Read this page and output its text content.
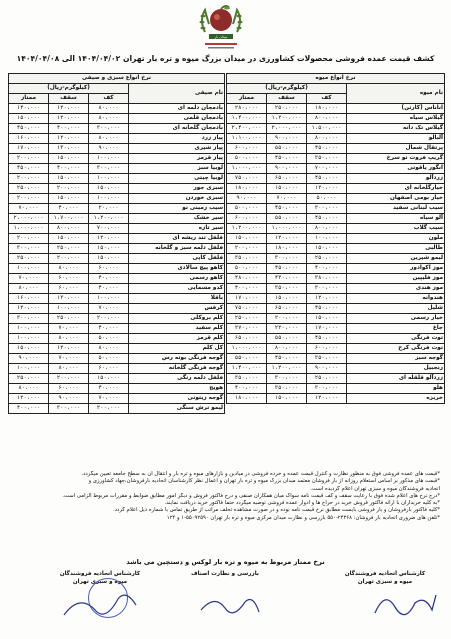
میدان بار
کشف قیمت عمده فروشی محصولات کشاورزی در میدان بزرگ میوه و تره بار تهران ۱۴۰۴/۰۴/۰۲ الی ۱۴۰۴/۰۴/۰۸
نرخ انواع میوه			
(کیلوگرم-ریال)			نام میوه
ممتاز	سقف	کف	
۲۸۰،۰۰۰	۲۵۰،۰۰۰	۱۸۰،۰۰۰	اناناس (کارتن)
۱،۴۰۰،۰۰۰	۱،۲۰۰،۰۰۰	۸۰۰،۰۰۰	گیلاس سیاه
۲،۴۰۰،۰۰۰	۲،۰۰۰،۰۰۰	۱،۵۰۰،۰۰۰	گیلاس تک دانه
۱،۱۰۰،۰۰۰	۹۰۰،۰۰۰	۸۰۰،۰۰۰	آلبالو
۶۰۰،۰۰۰	۵۵۰،۰۰۰	۴۵۰،۰۰۰	پرتقال شمال
۵۰۰،۰۰۰	۴۵۰،۰۰۰	۳۵۰،۰۰۰	گریپ فروت تو سرخ
۱،۰۰۰،۰۰۰	۹۰۰،۰۰۰	۷۰۰،۰۰۰	انگور یاقوتی
۷۵۰،۰۰۰	۶۵۰،۰۰۰	۴۵۰،۰۰۰	زردآلو
۱۸۰،۰۰۰	۱۵۰،۰۰۰	۱۲۰،۰۰۰	خیارگلخانه ای
۹۰،۰۰۰	۷۰،۰۰۰	۵۰،۰۰۰	خیار بومی اصفهان
۵۰۰،۰۰۰	۴۵۰،۰۰۰	۳۰۰،۰۰۰	سیب لبنانی سفید
۶۰۰،۰۰۰	۵۵۰،۰۰۰	۴۵۰،۰۰۰	آلو سیاه
۱،۲۰۰،۰۰۰	۱،۰۰۰،۰۰۰	۸۰۰،۰۰۰	سیب گلاب
۱۵۰،۰۰۰	۱۲۰،۰۰۰	۱۰۰،۰۰۰	ملون
۲۰۰،۰۰۰	۱۸۰،۰۰۰	۱۵۰،۰۰۰	طالبی
۳۵۰،۰۰۰	۳۰۰،۰۰۰	۲۵۰،۰۰۰	لیمو شیرین
۵۰۰،۰۰۰	۴۵۰،۰۰۰	۴۰۰،۰۰۰	موز اکوادور
۴۸۰،۰۰۰	۴۳۰،۰۰۰	۳۸۰،۰۰۰	موز فلیپین
۴۰۰،۰۰۰	۳۵۰،۰۰۰	۳۰۰،۰۰۰	موز هندی
۱۷۰،۰۰۰	۱۵۰،۰۰۰	۱۲۰،۰۰۰	هندوانه
۷۵۰،۰۰۰	۶۵۰،۰۰۰	۴۵۰،۰۰۰	شلیل
۲۵۰،۰۰۰	۲۰۰،۰۰۰	۱۵۰،۰۰۰	خیار رسمی
۲۷۰،۰۰۰	۲۲۰،۰۰۰	۱۷۰،۰۰۰	جاغ
۶۵۰،۰۰۰	۵۵۰،۰۰۰	۴۵۰،۰۰۰	توت فرنگی
۱،۰۰۰،۰۰۰	۸۰۰،۰۰۰	۶۰۰،۰۰۰	توت فرنگی کرج
۵۵۰،۰۰۰	۴۵۰،۰۰۰	۳۵۰،۰۰۰	گوجه سبز
۱،۴۰۰،۰۰۰	۱،۲۰۰،۰۰۰	۹۰۰،۰۰۰	زنجبیل
۳۵۰،۰۰۰	۳۰۰،۰۰۰	۲۵۰،۰۰۰	زردآلو قلقله ای
۴۰۰،۰۰۰	۳۵۰،۰۰۰	۳۰۰،۰۰۰	هلو
۱۸۰،۰۰۰	۱۵۰،۰۰۰	۱۲۰،۰۰۰	خربزه
نرخ انواع سبزی و صیفی			
(کیلوگرم-ریال)			نام صیفی
ممتاز	سقف	کف	
۱۴۰،۰۰۰	۱۲۰،۰۰۰	۸۰،۰۰۰	بادمجان دلمه ای
۱۵۰،۰۰۰	۱۲۰،۰۰۰	۸۰،۰۰۰	بادمجان قلمی
۴۵۰،۰۰۰	۴۰۰،۰۰۰	۳۰۰،۰۰۰	بادمجان گلخانه ای
۱۶۰،۰۰۰	۱۲۰،۰۰۰	۸۰،۰۰۰	پیاز زرد
۱۷۰،۰۰۰	۱۳۰،۰۰۰	۹۰،۰۰۰	پیاز شیری
۲۰۰،۰۰۰	۱۵۰،۰۰۰	۱۰۰،۰۰۰	پیاز قرمز
۴۵۰،۰۰۰	۴۰۰،۰۰۰	۳۰۰،۰۰۰	لوبیا سبز
۲۰۰،۰۰۰	۱۵۰،۰۰۰	۱۰۰،۰۰۰	لوبیا چیتی
۲۵۰،۰۰۰	۲۰۰،۰۰۰	۱۵۰،۰۰۰	سبزی جور
۲۰۰،۰۰۰	۱۵۰،۰۰۰	۱۰۰،۰۰۰	سبزی خوردن
۷۰،۰۰۰	۴۰،۰۰۰	۲۰،۰۰۰	سیب زمینی نو
۲،۰۰۰،۰۰۰	۱،۷۰۰،۰۰۰	۱،۲۰۰،۰۰۰	سیر خشک
۱،۰۰۰،۰۰۰	۸۰۰،۰۰۰	۷۰۰،۰۰۰	سیر تازه
۲۰۰،۰۰۰	۱۵۰،۰۰۰	۱۲۰،۰۰۰	فلفل تند ریشه ای
۳۰۰،۰۰۰	۲۵۰،۰۰۰	۱۵۰،۰۰۰	فلفل دلمه سبز و گلخانه
۲۵۰،۰۰۰	۲۰۰،۰۰۰	۱۵۰،۰۰۰	فلفل کاپی
۱۰۰،۰۰۰	۸۰،۰۰۰	۶۰،۰۰۰	کاهو پیچ سالادی
۷۰،۰۰۰	۶۰،۰۰۰	۴۰،۰۰۰	کاهو رسمی
۸۰،۰۰۰	۶۰،۰۰۰	۴۰،۰۰۰	کدو مسمایی
۱۶۰،۰۰۰	۱۳۰،۰۰۰	۱۰۰،۰۰۰	باقلا
۱۲۰،۰۰۰	۱۰۰،۰۰۰	۷۰،۰۰۰	کرفس
۳۰۰،۰۰۰	۲۵۰،۰۰۰	۲۰۰،۰۰۰	کلم بروکلی
۱۰۰،۰۰۰	۷۰،۰۰۰	۴۰،۰۰۰	کلم سفید
۱۰۰،۰۰۰	۸۰،۰۰۰	۵۰،۰۰۰	کلم قرمز
۱۵۰،۰۰۰	۱۲۰،۰۰۰	۸۰،۰۰۰	کل کلم
۹۰،۰۰۰	۷۰،۰۰۰	۵۰،۰۰۰	گوجه فرنگی بوته رس
۱۰۰،۰۰۰	۸۰،۰۰۰	۶۰،۰۰۰	گوجه فرنگی گلخانه
۲۵۰،۰۰۰	۲۰۰،۰۰۰	۱۵۰،۰۰۰	فلفل دلمه رنگی
۸۰،۰۰۰	۶۰،۰۰۰	۴۰،۰۰۰	هویج
۱۲۰،۰۰۰	۹۰،۰۰۰	۷۰،۰۰۰	گوجه زیتونی
۴۰۰،۰۰۰	۳۰۰،۰۰۰	۲۰۰،۰۰۰	لیمو ترش سنگی

*قیمت های عمده فروشی فوق به منظور نظارت و کنترل قیمت عمده و خرده فروشی در میادین و بازارهای میوه و تره بار و انتقال آن به سطح جامعه تعیین میگردد.

*قیمت های مذکور بر اساس استعلام روزانه از بار فروشان معتمد میدان بزرگ میوه و تره بار تهران و اعمال نظر کارشناسان اتحادیه بارفروشان،جهاد کشاورزی و

اتحادیه فروشندگان میوه و سبزی تهران اعلام گردیده است.

*درج نرخ های اعلام شده فوق با رعایت سقف و کف قیمت نامه سواک میان همکاران صنفی و درج فاکتور فروش و دیگر امور مطابق ضوابط و مقررات مربوط الزامی است.

*به کلیه خریداران با ارائه فاکتور فروش خرید در حراج ها و ادوار عمده فروشی توصیه میگردد حتما فاکتور خرید دریافت نمایند.

*کلیه فاکتور بارفروشان و بار فروشی بایست مطابق نرخ قیمت نامه بوده و در صورت مشاهده تخلف مراتب از طریق تماس با شماره ذیل اعلام گردد.

*تلفن های ضروری اتحادیه بار فروشان: ۲۴۳۶۸-۵۵۰ بازرسی و نظارت میدان مرکزی میوه و تره بار تهران ۵۵۰۹۲۵۹۰-۱ و ۱۲۴

نرخ ممتاز مربوط به میوه و تره بار لوکس و دستچین می باشد
کارشناس اتحادیه فروشندگان
میوه و سبزی تهران
بازرسی و نظارت اصناف
کارشناس اتحادیه فروشندگان
میوه و سبزی تهران
